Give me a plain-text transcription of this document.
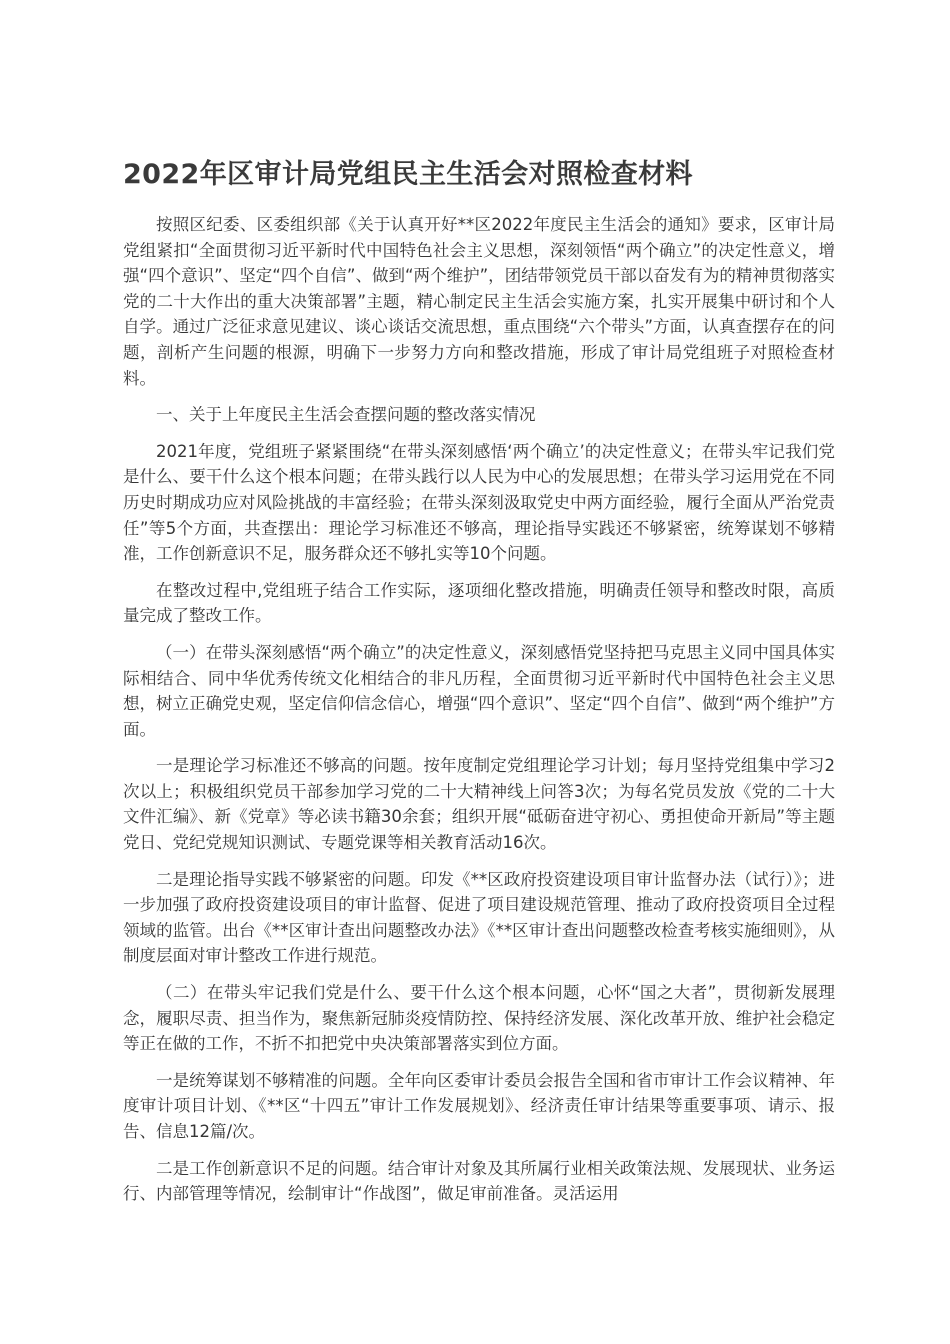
2022年区审计局党组民主生活会对照检查材料

按照区纪委、区委组织部《关于认真开好**区2022年度民主生活会的通知》要求，区审计局党组紧扣“全面贯彻习近平新时代中国特色社会主义思想，深刻领悟“两个确立”的决定性意义，增强“四个意识”、坚定“四个自信”、做到“两个维护”，团结带领党员干部以奋发有为的精神贯彻落实党的二十大作出的重大决策部署”主题，精心制定民主生活会实施方案，扎实开展集中研讨和个人自学。通过广泛征求意见建议、谈心谈话交流思想，重点围绕“六个带头”方面，认真查摆存在的问题，剖析产生问题的根源，明确下一步努力方向和整改措施，形成了审计局党组班子对照检查材料。

一、关于上年度民主生活会查摆问题的整改落实情况

2021年度，党组班子紧紧围绕“在带头深刻感悟‘两个确立’的决定性意义；在带头牢记我们党是什么、要干什么这个根本问题；在带头践行以人民为中心的发展思想；在带头学习运用党在不同历史时期成功应对风险挑战的丰富经验；在带头深刻汲取党史中两方面经验，履行全面从严治党责任”等5个方面，共查摆出：理论学习标准还不够高，理论指导实践还不够紧密，统筹谋划不够精准，工作创新意识不足，服务群众还不够扎实等10个问题。

在整改过程中,党组班子结合工作实际，逐项细化整改措施，明确责任领导和整改时限，高质量完成了整改工作。

（一）在带头深刻感悟“两个确立”的决定性意义，深刻感悟党坚持把马克思主义同中国具体实际相结合、同中华优秀传统文化相结合的非凡历程，全面贯彻习近平新时代中国特色社会主义思想，树立正确党史观，坚定信仰信念信心，增强“四个意识”、坚定“四个自信”、做到“两个维护”方面。

一是理论学习标准还不够高的问题。按年度制定党组理论学习计划；每月坚持党组集中学习2次以上；积极组织党员干部参加学习党的二十大精神线上问答3次；为每名党员发放《党的二十大文件汇编》、新《党章》等必读书籍30余套；组织开展“砥砺奋进守初心、勇担使命开新局”等主题党日、党纪党规知识测试、专题党课等相关教育活动16次。

二是理论指导实践不够紧密的问题。印发《**区政府投资建设项目审计监督办法（试行）》；进一步加强了政府投资建设项目的审计监督、促进了项目建设规范管理、推动了政府投资项目全过程领域的监管。出台《**区审计查出问题整改办法》《**区审计查出问题整改检查考核实施细则》，从制度层面对审计整改工作进行规范。

（二）在带头牢记我们党是什么、要干什么这个根本问题，心怀“国之大者”，贯彻新发展理念，履职尽责、担当作为，聚焦新冠肺炎疫情防控、保持经济发展、深化改革开放、维护社会稳定等正在做的工作，不折不扣把党中央决策部署落实到位方面。

一是统筹谋划不够精准的问题。全年向区委审计委员会报告全国和省市审计工作会议精神、年度审计项目计划、《**区“十四五”审计工作发展规划》、经济责任审计结果等重要事项、请示、报告、信息12篇/次。

二是工作创新意识不足的问题。结合审计对象及其所属行业相关政策法规、发展现状、业务运行、内部管理等情况，绘制审计“作战图”，做足审前准备。灵活运用
